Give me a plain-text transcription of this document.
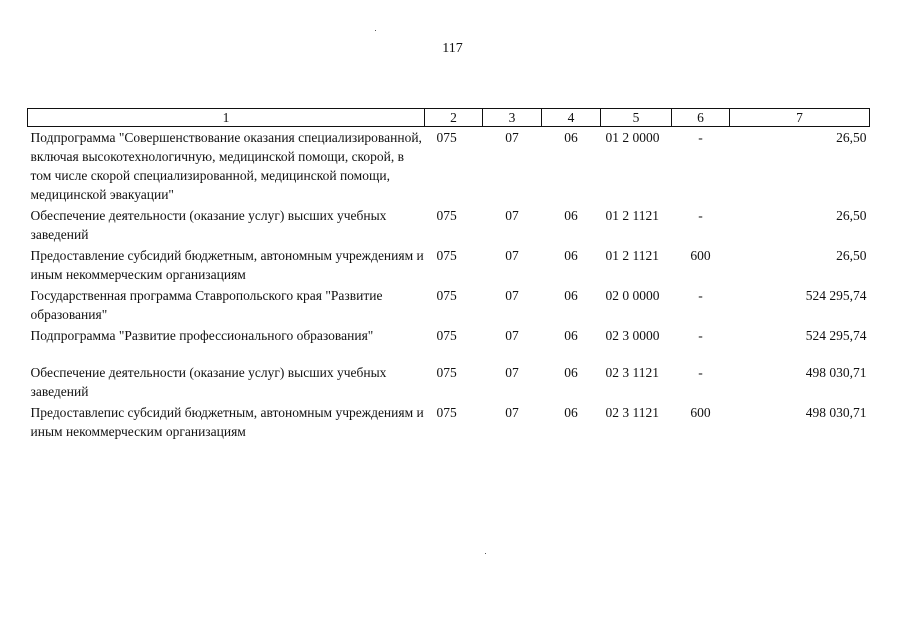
117
1	2	3	4	5	6	7
Подпрограмма "Совершенствование оказания специализированной, включая высокотехнологичную, медицинской помощи, скорой, в том числе скорой специализированной, медицинской помощи, медицинской эвакуации"	075	07	06	01 2 0000	-	26,50
Обеспечение деятельности (оказание услуг) высших учебных заведений	075	07	06	01 2 1121	-	26,50
Предоставление субсидий бюджетным, автономным учреждениям и иным некоммерческим организациям	075	07	06	01 2 1121	600	26,50
Государственная программа Ставропольского края "Развитие образования"	075	07	06	02 0 0000	-	524 295,74
Подпрограмма "Развитие профессионального образования"	075	07	06	02 3 0000	-	524 295,74
Обеспечение деятельности (оказание услуг) высших учебных заведений	075	07	06	02 3 1121	-	498 030,71
Предоставлепис субсидий бюджетным, автономным учреждениям и иным некоммерческим организациям	075	07	06	02 3 1121	600	498 030,71
